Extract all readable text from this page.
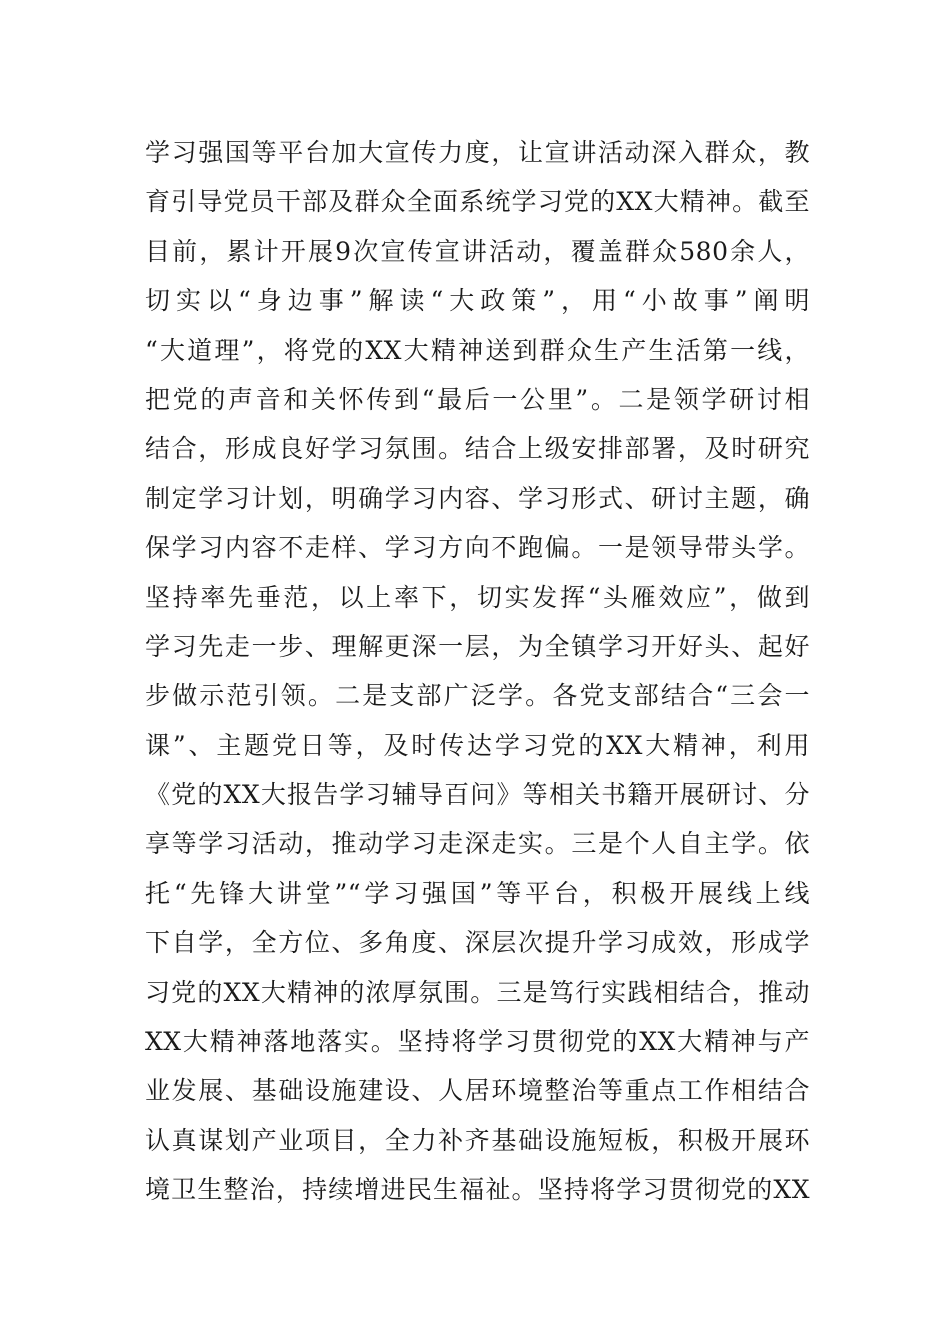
学习强国等平台加大宣传力度，让宣讲活动深入群众，教
育引导党员干部及群众全面系统学习党的XX大精神。截至
目前，累计开展9次宣传宣讲活动，覆盖群众580余人，
切实以“身边事”解读“大政策”，用“小故事”阐明
“大道理”，将党的XX大精神送到群众生产生活第一线，
把党的声音和关怀传到“最后一公里”。二是领学研讨相
结合，形成良好学习氛围。结合上级安排部署，及时研究
制定学习计划，明确学习内容、学习形式、研讨主题，确
保学习内容不走样、学习方向不跑偏。一是领导带头学。
坚持率先垂范，以上率下，切实发挥“头雁效应”，做到
学习先走一步、理解更深一层，为全镇学习开好头、起好
步做示范引领。二是支部广泛学。各党支部结合“三会一
课”、主题党日等，及时传达学习党的XX大精神，利用
《党的XX大报告学习辅导百问》等相关书籍开展研讨、分
享等学习活动，推动学习走深走实。三是个人自主学。依
托“先锋大讲堂”“学习强国”等平台，积极开展线上线
下自学，全方位、多角度、深层次提升学习成效，形成学
习党的XX大精神的浓厚氛围。三是笃行实践相结合，推动
XX大精神落地落实。坚持将学习贯彻党的XX大精神与产
业发展、基础设施建设、人居环境整治等重点工作相结合
认真谋划产业项目，全力补齐基础设施短板，积极开展环
境卫生整治，持续增进民生福祉。坚持将学习贯彻党的XX
